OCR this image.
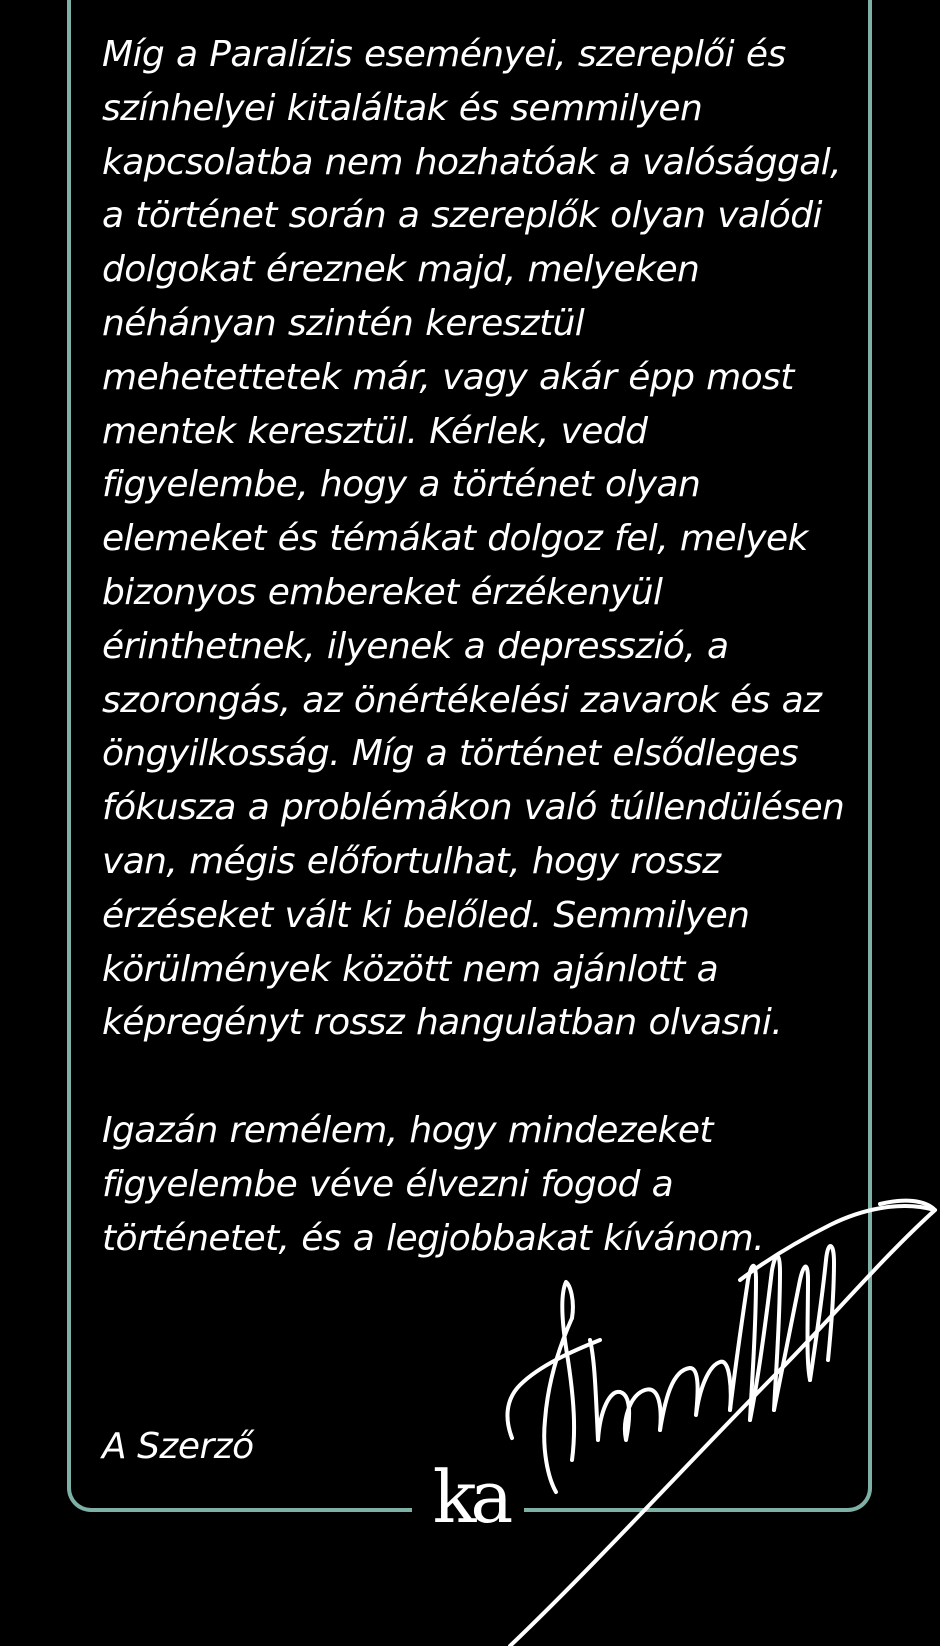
Míg a Paralízis eseményei, szereplői és
színhelyei kitaláltak és semmilyen
kapcsolatba nem hozhatóak a valósággal,
a történet során a szereplők olyan valódi
dolgokat éreznek majd, melyeken
néhányan szintén keresztül
mehetettetek már, vagy akár épp most
mentek keresztül. Kérlek, vedd
figyelembe, hogy a történet olyan
elemeket és témákat dolgoz fel, melyek
bizonyos embereket érzékenyül
érinthetnek, ilyenek a depresszió, a
szorongás, az önértékelési zavarok és az
öngyilkosság. Míg a történet elsődleges
fókusza a problémákon való túllendülésen
van, mégis előfortulhat, hogy rossz
érzéseket vált ki belőled. Semmilyen
körülmények között nem ajánlott a
képregényt rossz hangulatban olvasni.
Igazán remélem, hogy mindezeket
figyelembe véve élvezni fogod a
történetet, és a legjobbakat kívánom.
A Szerző
ka
